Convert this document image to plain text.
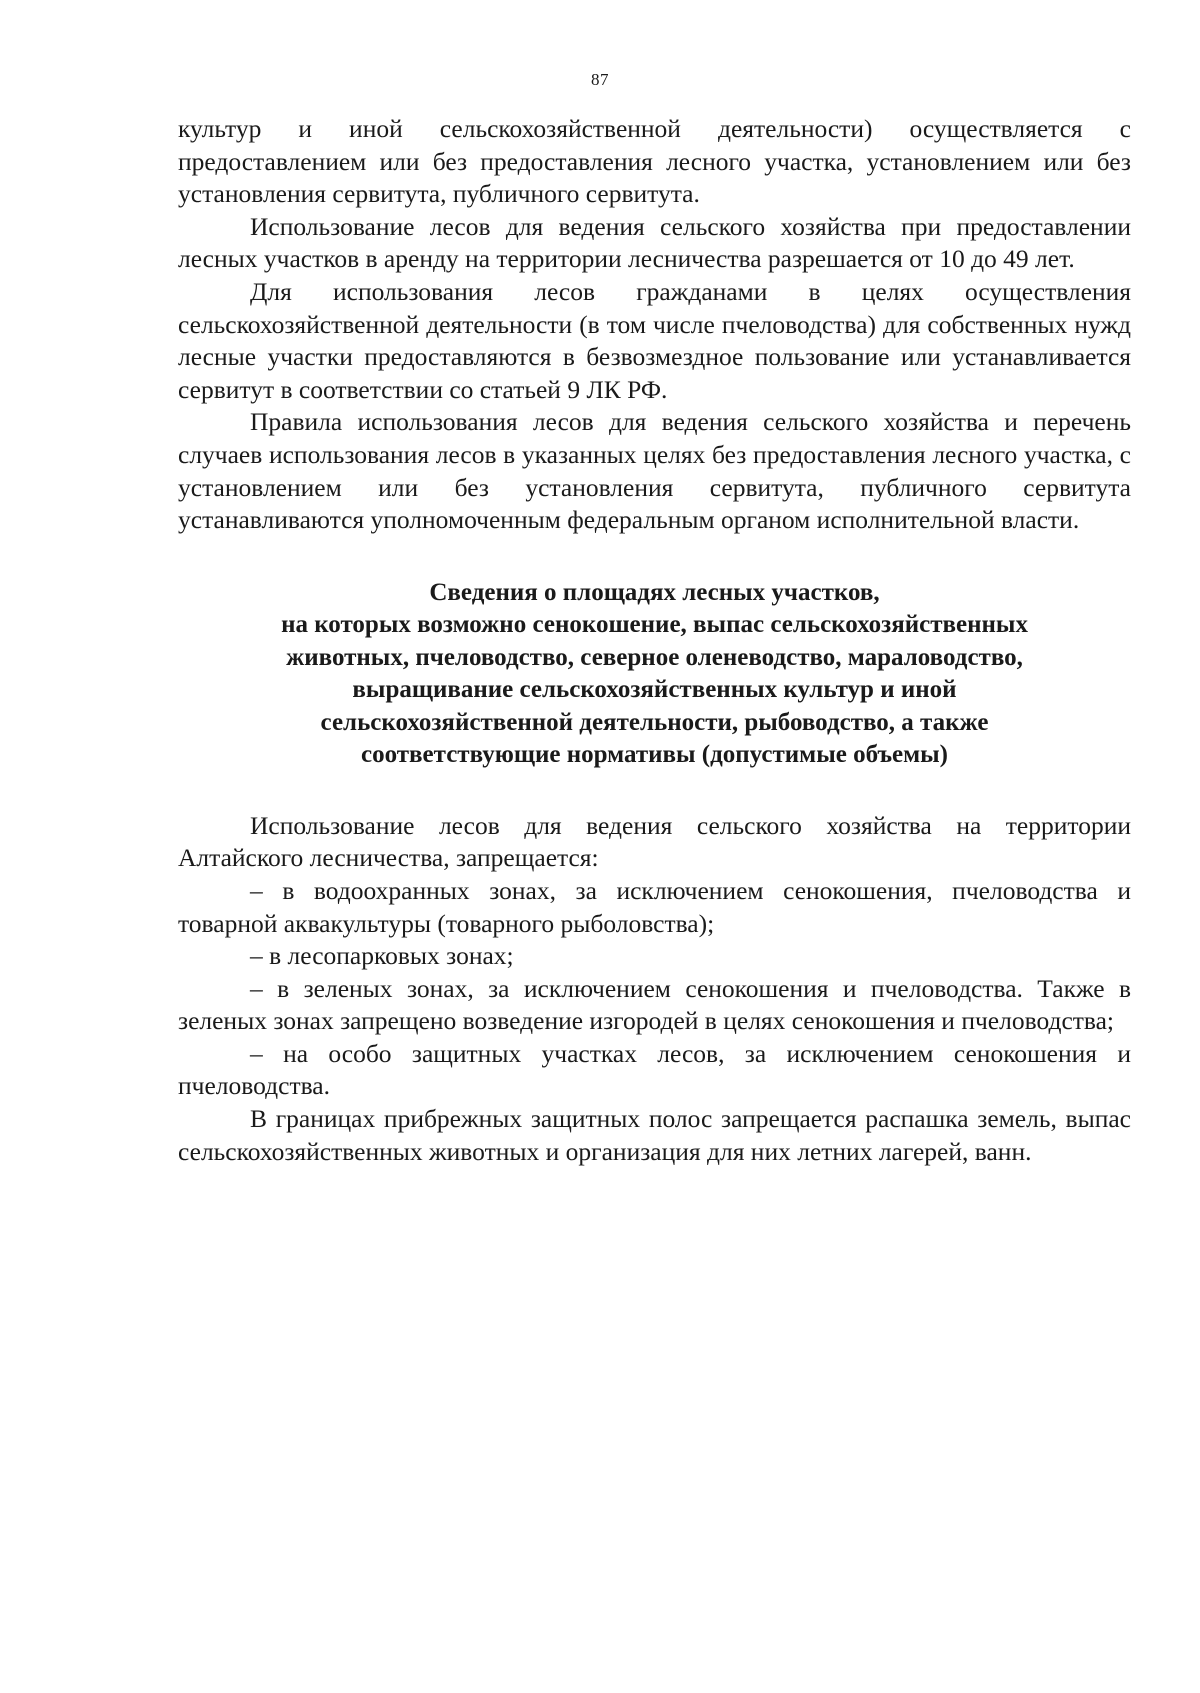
87

культур и иной сельскохозяйственной деятельности) осуществляется с предоставлением или без предоставления лесного участка, установлением или без установления сервитута, публичного сервитута.

Использование лесов для ведения сельского хозяйства при предоставлении лесных участков в аренду на территории лесничества разрешается от 10 до 49 лет.

Для использования лесов гражданами в целях осуществления сельскохозяйственной деятельности (в том числе пчеловодства) для собственных нужд лесные участки предоставляются в безвозмездное пользование или устанавливается сервитут в соответствии со статьей 9 ЛК РФ.

Правила использования лесов для ведения сельского хозяйства и перечень случаев использования лесов в указанных целях без предоставления лесного участка, с установлением или без установления сервитута, публичного сервитута устанавливаются уполномоченным федеральным органом исполнительной власти.

Сведения о площадях лесных участков,
на которых возможно сенокошение, выпас сельскохозяйственных
животных, пчеловодство, северное оленеводство, мараловодство,
выращивание сельскохозяйственных культур и иной
сельскохозяйственной деятельности, рыбоводство, а также
соответствующие нормативы (допустимые объемы)

Использование лесов для ведения сельского хозяйства на территории Алтайского лесничества, запрещается:

– в водоохранных зонах, за исключением сенокошения, пчеловодства и товарной аквакультуры (товарного рыболовства);

– в лесопарковых зонах;

– в зеленых зонах, за исключением сенокошения и пчеловодства. Также в зеленых зонах запрещено возведение изгородей в целях сенокошения и пчеловодства;

– на особо защитных участках лесов, за исключением сенокошения и пчеловодства.

В границах прибрежных защитных полос запрещается распашка земель, выпас сельскохозяйственных животных и организация для них летних лагерей, ванн.
